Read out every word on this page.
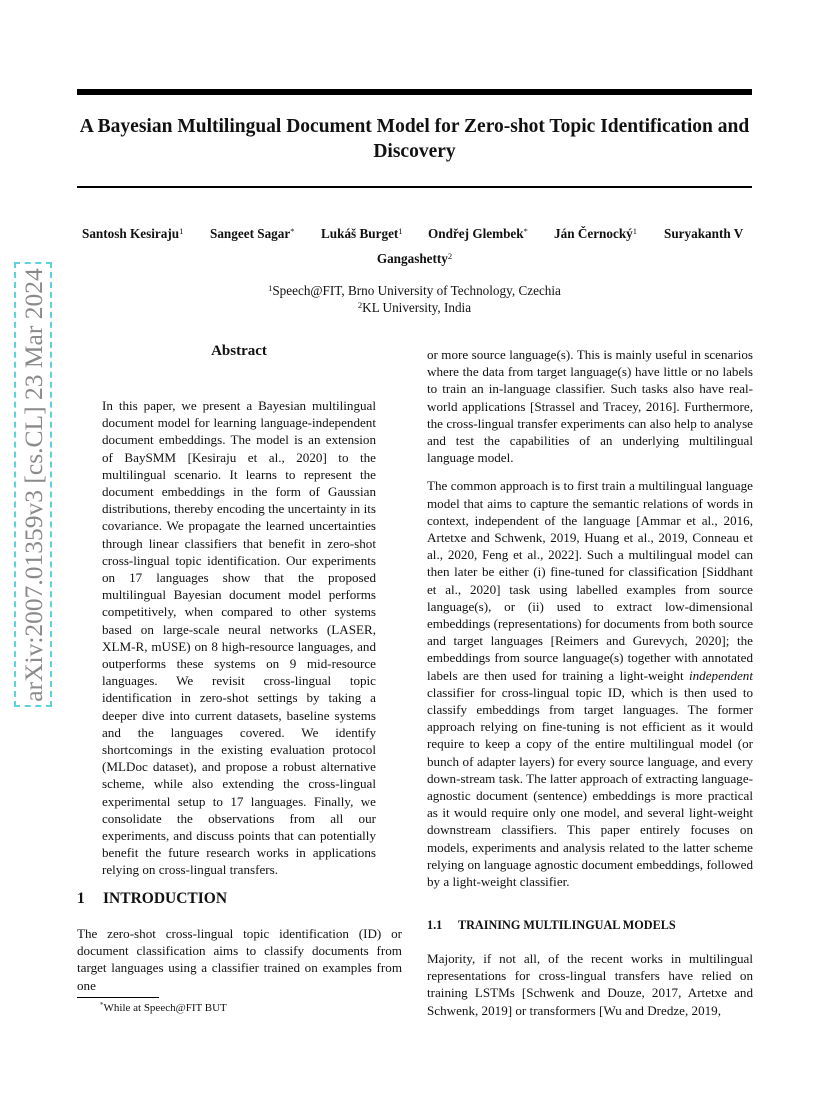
A Bayesian Multilingual Document Model for Zero-shot Topic Identification and Discovery
Santosh Kesiraju$^1$ Sangeet Sagar* Lukáš Burget$^1$ Ondřej Glembek* Ján Černocký$^1$ Suryakanth V
Gangashetty$^2$
$^1$Speech@FIT, Brno University of Technology, Czechia
$^2$KL University, India
arXiv:2007.01359v3 [cs.CL] 23 Mar 2024	Abstract
In this paper, we present a Bayesian multilingual document model for learning language-independent document embeddings. The model is an extension of BaySMM [Kesiraju et al., 2020] to the multilingual scenario. It learns to represent the document embeddings in the form of Gaussian distributions, thereby encoding the uncertainty in its covariance. We propagate the learned uncertainties through linear classifiers that benefit in zero-shot cross-lingual topic identification. Our experiments on 17 languages show that the proposed multilingual Bayesian document model performs competitively, when compared to other systems based on large-scale neural networks (LASER, XLM-R, mUSE) on 8 high-resource languages, and outperforms these systems on 9 mid-resource languages. We revisit cross-lingual topic identification in zero-shot settings by taking a deeper dive into current datasets, baseline systems and the languages covered. We identify shortcomings in the existing evaluation protocol (MLDoc dataset), and propose a robust alternative scheme, while also extending the cross-lingual experimental setup to 17 languages. Finally, we consolidate the observations from all our experiments, and discuss points that can potentially benefit the future research works in applications relying on cross-lingual transfers.
1 INTRODUCTION
The zero-shot cross-lingual topic identification (ID) or document classification aims to classify documents from target languages using a classifier trained on examples from one
*While at Speech@FIT BUT

or more source language(s). This is mainly useful in scenarios where the data from target language(s) have little or no labels to train an in-language classifier. Such tasks also have real-world applications [Strassel and Tracey, 2016]. Furthermore, the cross-lingual transfer experiments can also help to analyse and test the capabilities of an underlying multilingual language model.

The common approach is to first train a multilingual language model that aims to capture the semantic relations of words in context, independent of the language [Ammar et al., 2016, Artetxe and Schwenk, 2019, Huang et al., 2019, Conneau et al., 2020, Feng et al., 2022]. Such a multilingual model can then later be either (i) fine-tuned for classification [Siddhant et al., 2020] task using labelled examples from source language(s), or (ii) used to extract low-dimensional embeddings (representations) for documents from both source and target languages [Reimers and Gurevych, 2020]; the embeddings from source language(s) together with annotated labels are then used for training a light-weight independent classifier for cross-lingual topic ID, which is then used to classify embeddings from target languages. The former approach relying on fine-tuning is not efficient as it would require to keep a copy of the entire multilingual model (or bunch of adapter layers) for every source language, and every down-stream task. The latter approach of extracting language-agnostic document (sentence) embeddings is more practical as it would require only one model, and several light-weight downstream classifiers. This paper entirely focuses on models, experiments and analysis related to the latter scheme relying on language agnostic document embeddings, followed by a light-weight classifier.

1.1 TRAINING MULTILINGUAL MODELS
Majority, if not all, of the recent works in multilingual representations for cross-lingual transfers have relied on training LSTMs [Schwenk and Douze, 2017, Artetxe and Schwenk, 2019] or transformers [Wu and Dredze, 2019,
